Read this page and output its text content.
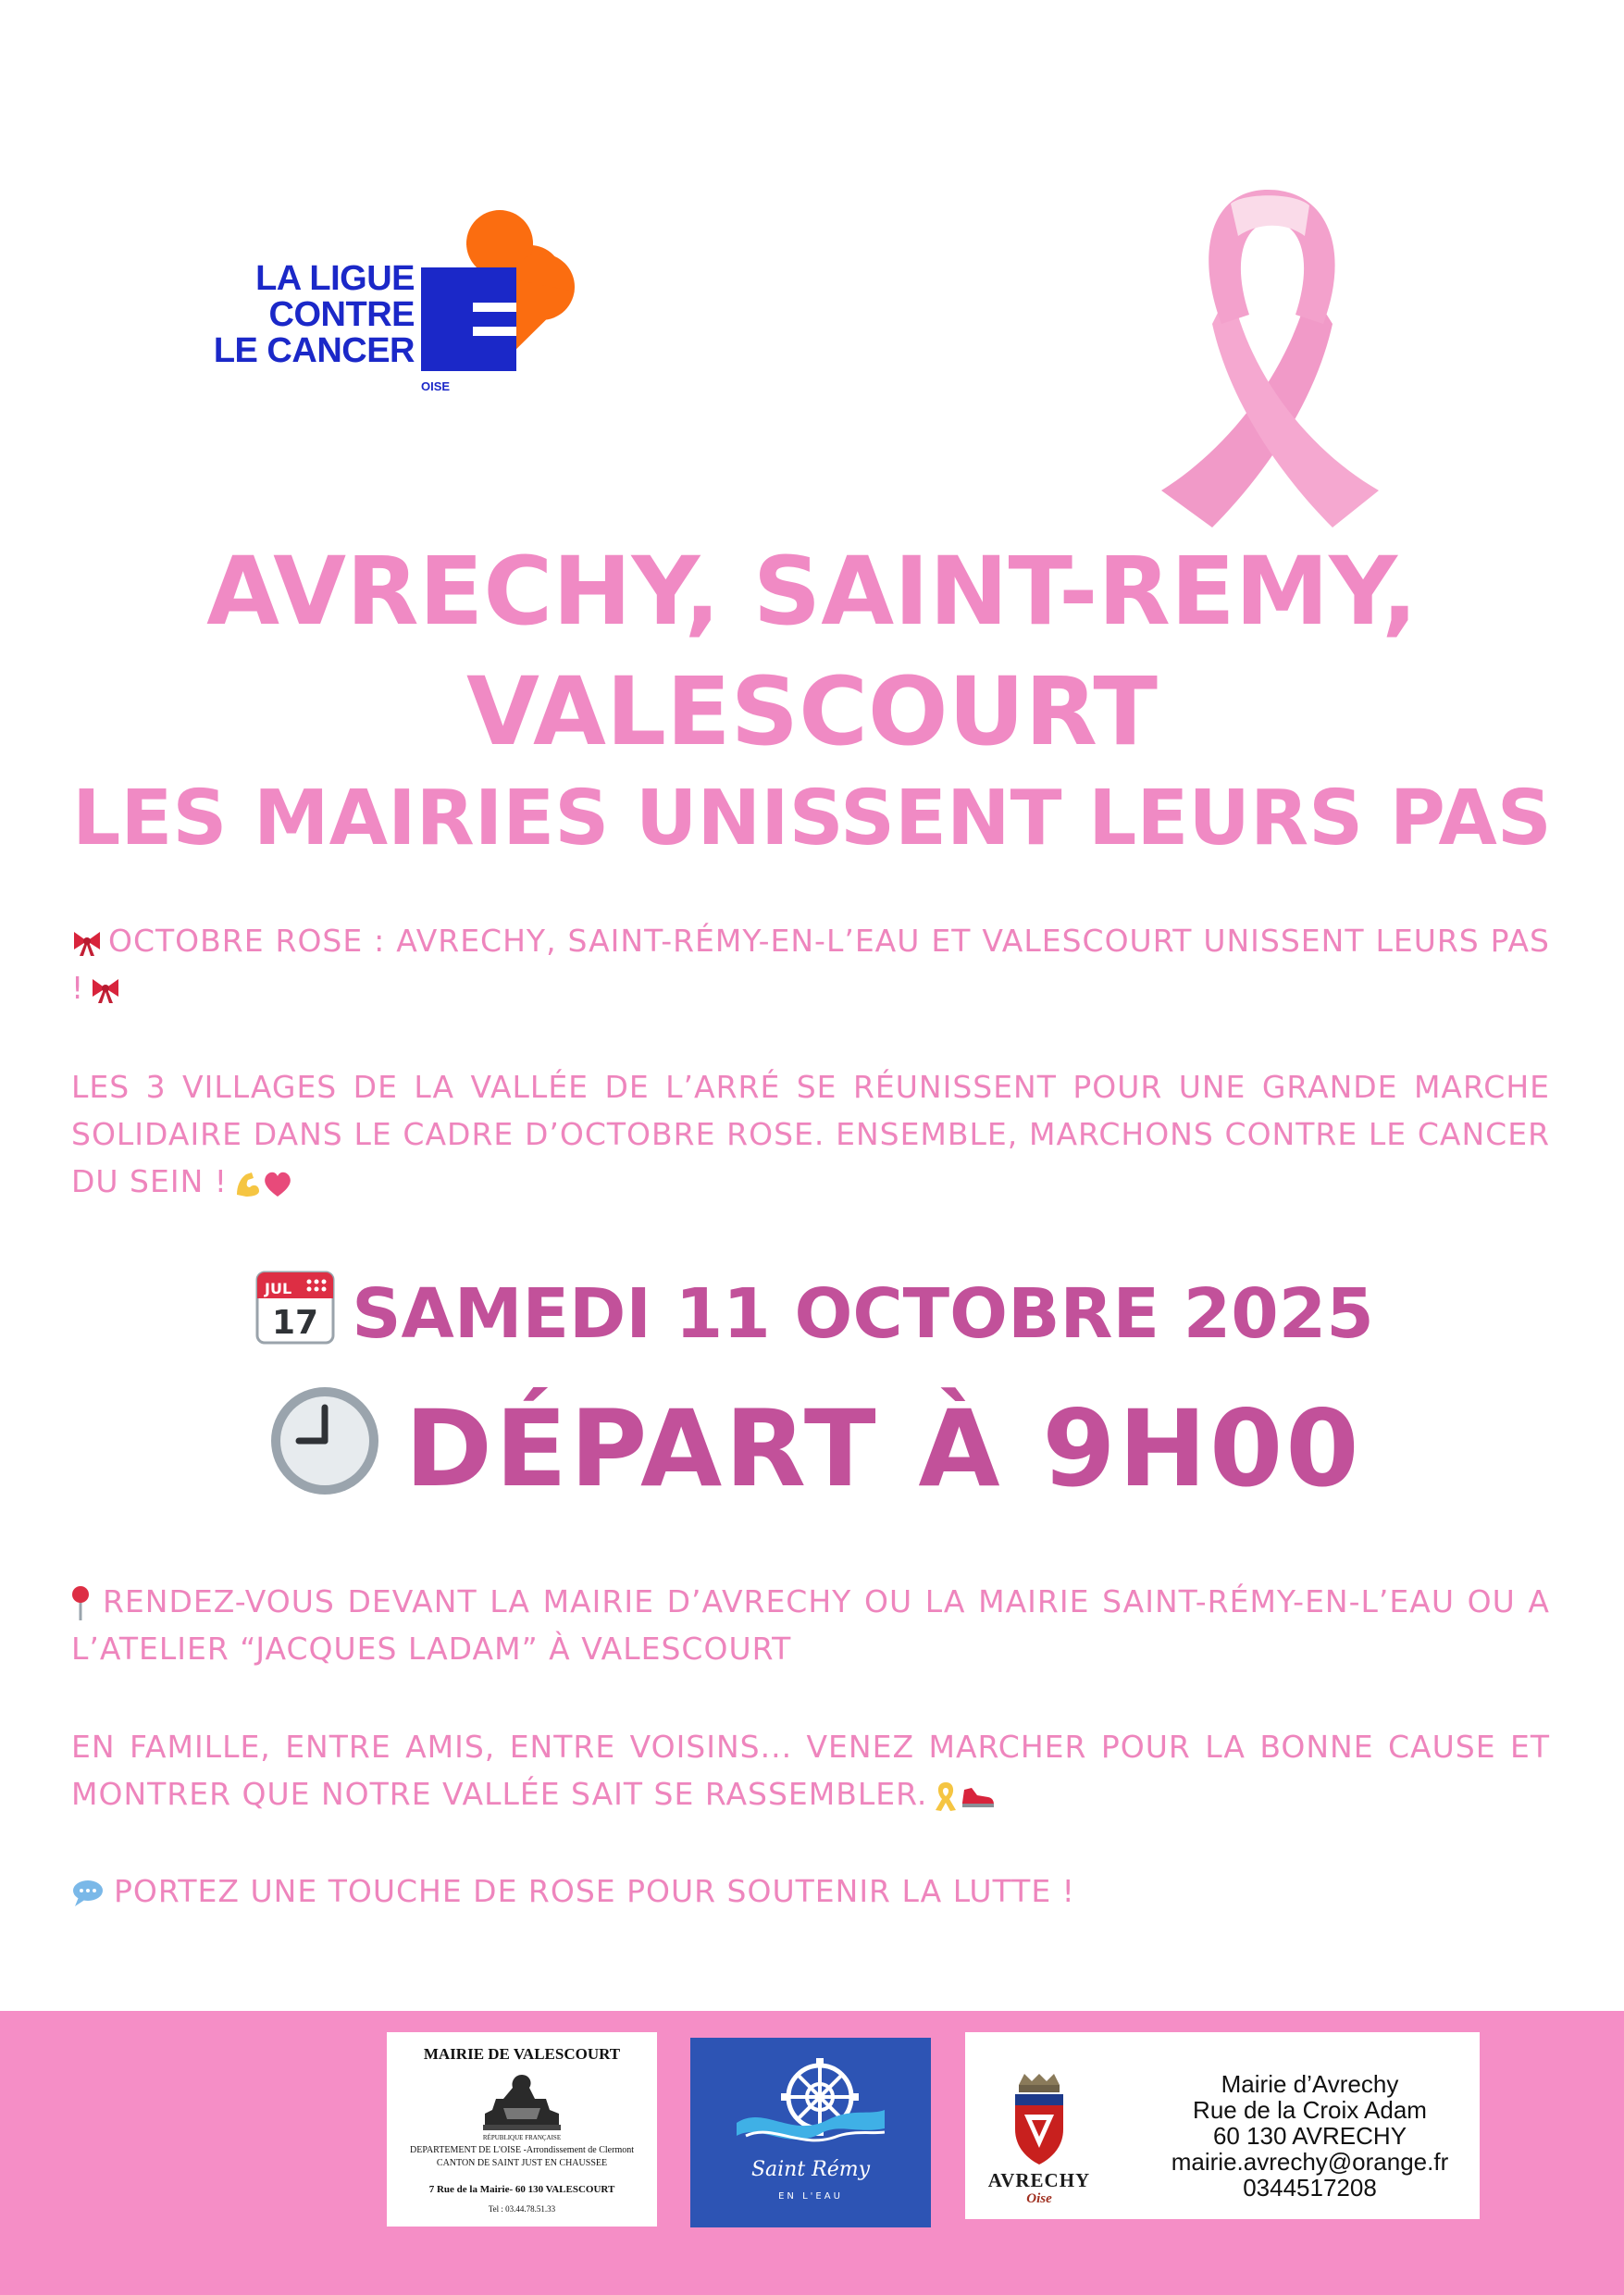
LA LIGUE
CONTRE
LE CANCER
OISE
AVRECHY, SAINT-REMY,
VALESCOURT
LES MAIRIES UNISSENT LEURS PAS
OCTOBRE ROSE : AVRECHY, SAINT-RÉMY-EN-L’EAU ET VALESCOURT UNISSENT LEURS PAS !
LES 3 VILLAGES DE LA VALLÉE DE L’ARRÉ SE RÉUNISSENT POUR UNE GRANDE MARCHE SOLIDAIRE DANS LE CADRE D’OCTOBRE ROSE. ENSEMBLE, MARCHONS CONTRE LE CANCER DU SEIN !
JUL
17 SAMEDI 11 OCTOBRE 2025
DÉPART À 9H00
RENDEZ-VOUS DEVANT LA MAIRIE D’AVRECHY OU LA MAIRIE SAINT-RÉMY-EN-L’EAU OU A L’ATELIER “JACQUES LADAM” À VALESCOURT
EN FAMILLE, ENTRE AMIS, ENTRE VOISINS... VENEZ MARCHER POUR LA BONNE CAUSE ET MONTRER QUE NOTRE VALLÉE SAIT SE RASSEMBLER.
PORTEZ UNE TOUCHE DE ROSE POUR SOUTENIR LA LUTTE !
MAIRIE DE VALESCOURT
RÉPUBLIQUE FRANÇAISE
DEPARTEMENT DE L'OISE -Arrondissement de Clermont
CANTON DE SAINT JUST EN CHAUSSEE
7 Rue de la Mairie- 60 130 VALESCOURT
Tel : 03.44.78.51.33
Saint Rémy
EN L'EAU
AVRECHY
Oise
Mairie d’Avrechy
Rue de la Croix Adam
60 130 AVRECHY
mairie.avrechy@orange.fr
0344517208
